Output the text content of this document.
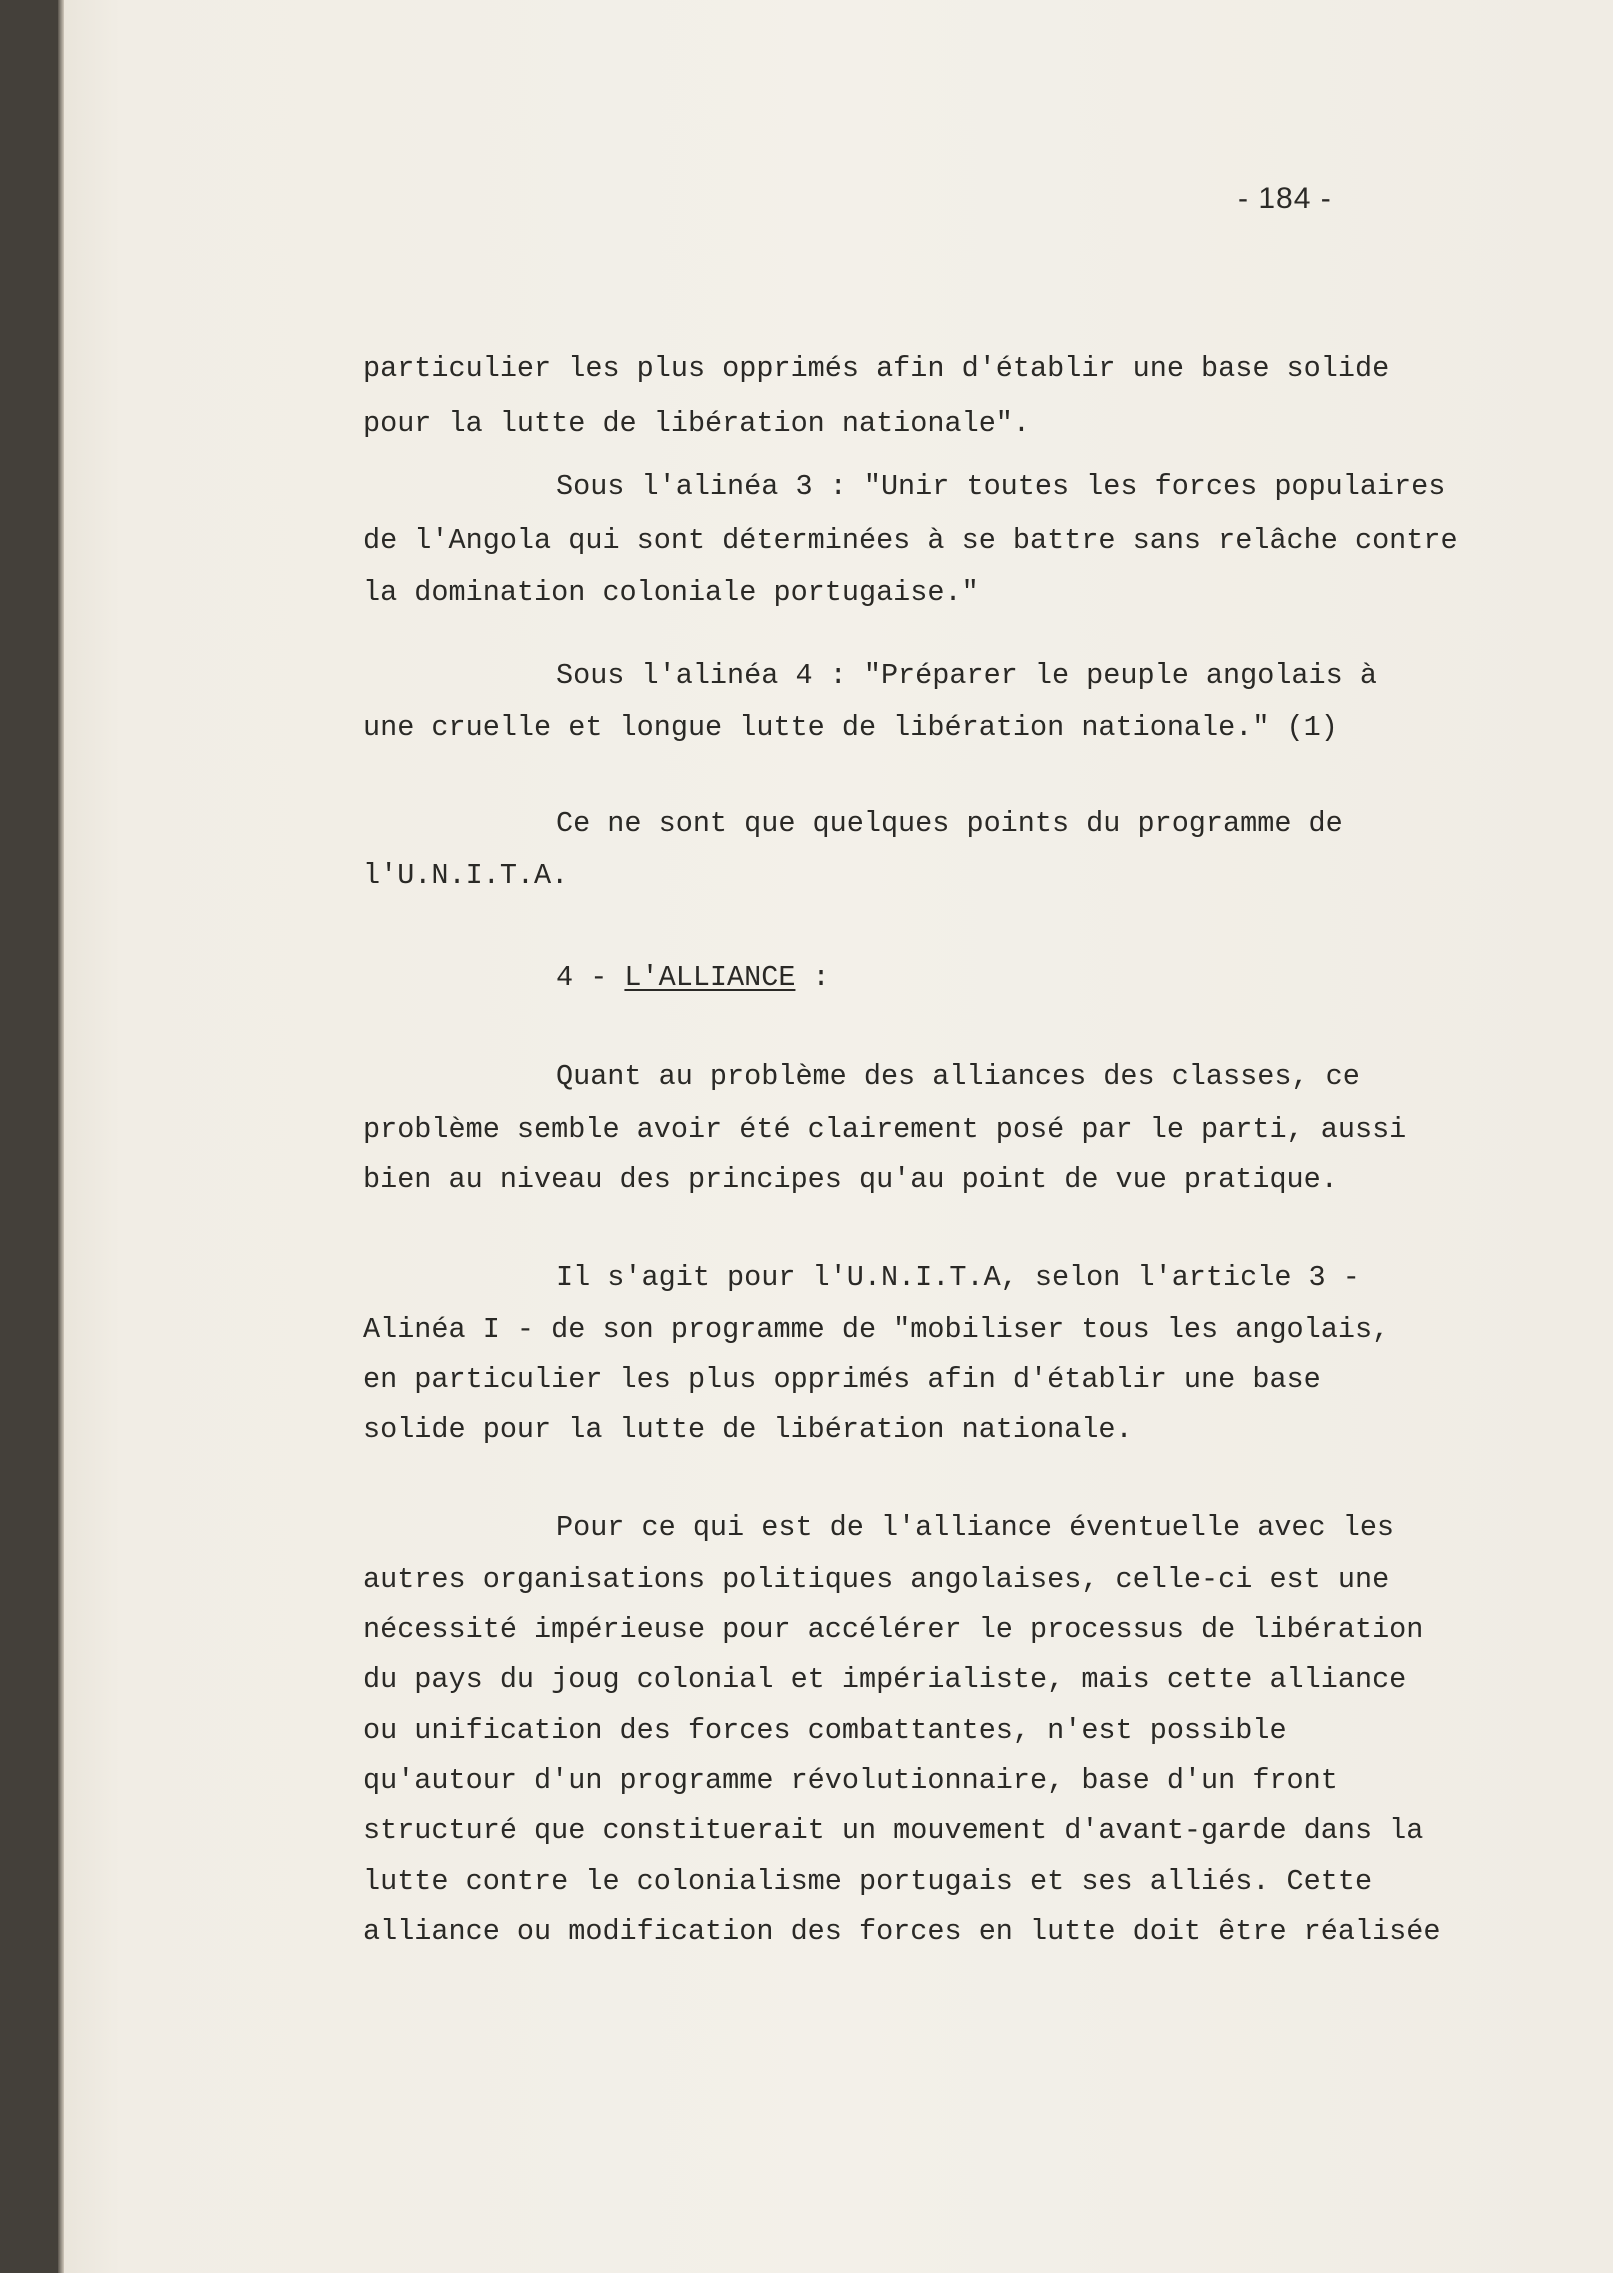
- 184 -

particulier les plus opprimés afin d'établir une base solide

pour la lutte de libération nationale".

Sous l'alinéa 3 : "Unir toutes les forces populaires

de l'Angola qui sont déterminées à se battre sans relâche contre

la domination coloniale portugaise."

Sous l'alinéa 4 : "Préparer le peuple angolais à

une cruelle et longue lutte de libération nationale." (1)

Ce ne sont que quelques points du programme de

l'U.N.I.T.A.

4 - L'ALLIANCE :

Quant au problème des alliances des classes, ce

problème semble avoir été clairement posé par le parti, aussi

bien au niveau des principes qu'au point de vue pratique.

Il s'agit pour l'U.N.I.T.A, selon l'article 3 -

Alinéa I - de son programme de "mobiliser tous les angolais,

en particulier les plus opprimés afin d'établir une base

solide pour la lutte de libération nationale.

Pour ce qui est de l'alliance éventuelle avec les

autres organisations politiques angolaises, celle-ci est une

nécessité impérieuse pour accélérer le processus de libération

du pays du joug colonial et impérialiste, mais cette alliance

ou unification des forces combattantes, n'est possible

qu'autour d'un programme révolutionnaire, base d'un front

structuré que constituerait un mouvement d'avant-garde dans la

lutte contre le colonialisme portugais et ses alliés. Cette

alliance ou modification des forces en lutte doit être réalisée
